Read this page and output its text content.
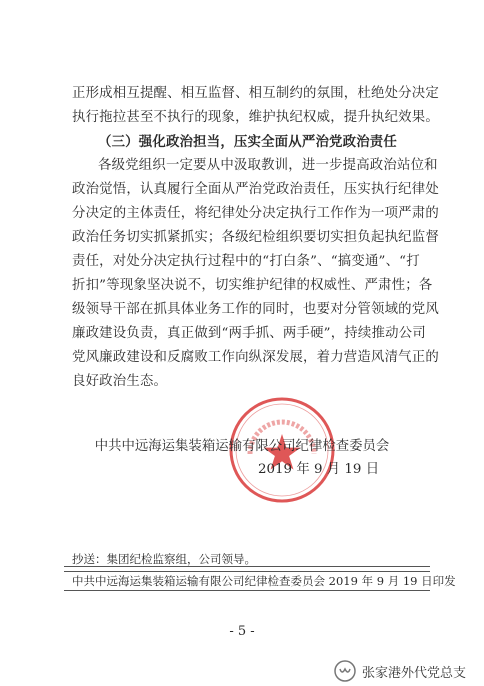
正形成相互提醒、相互监督、相互制约的氛围，杜绝处分决定
执行拖拉甚至不执行的现象，维护执纪权威，提升执纪效果。
（三）强化政治担当，压实全面从严治党政治责任
各级党组织一定要从中汲取教训，进一步提高政治站位和
政治觉悟，认真履行全面从严治党政治责任，压实执行纪律处
分决定的主体责任，将纪律处分决定执行工作作为一项严肃的
政治任务切实抓紧抓实；各级纪检组织要切实担负起执纪监督
责任，对处分决定执行过程中的“打白条”、“搞变通”、“打
折扣”等现象坚决说不，切实维护纪律的权威性、严肃性；各
级领导干部在抓具体业务工作的同时，也要对分管领域的党风
廉政建设负责，真正做到“两手抓、两手硬”，持续推动公司
党风廉政建设和反腐败工作向纵深发展，着力营造风清气正的
良好政治生态。
中共中远海运集装箱运输有限公司纪律检查委员会
2019 年 9 月 19 日
抄送：集团纪检监察组，公司领导。
中共中远海运集装箱运输有限公司纪律检查委员会 2019 年 9 月 19 日印发
- 5 -
张家港外代党总支
